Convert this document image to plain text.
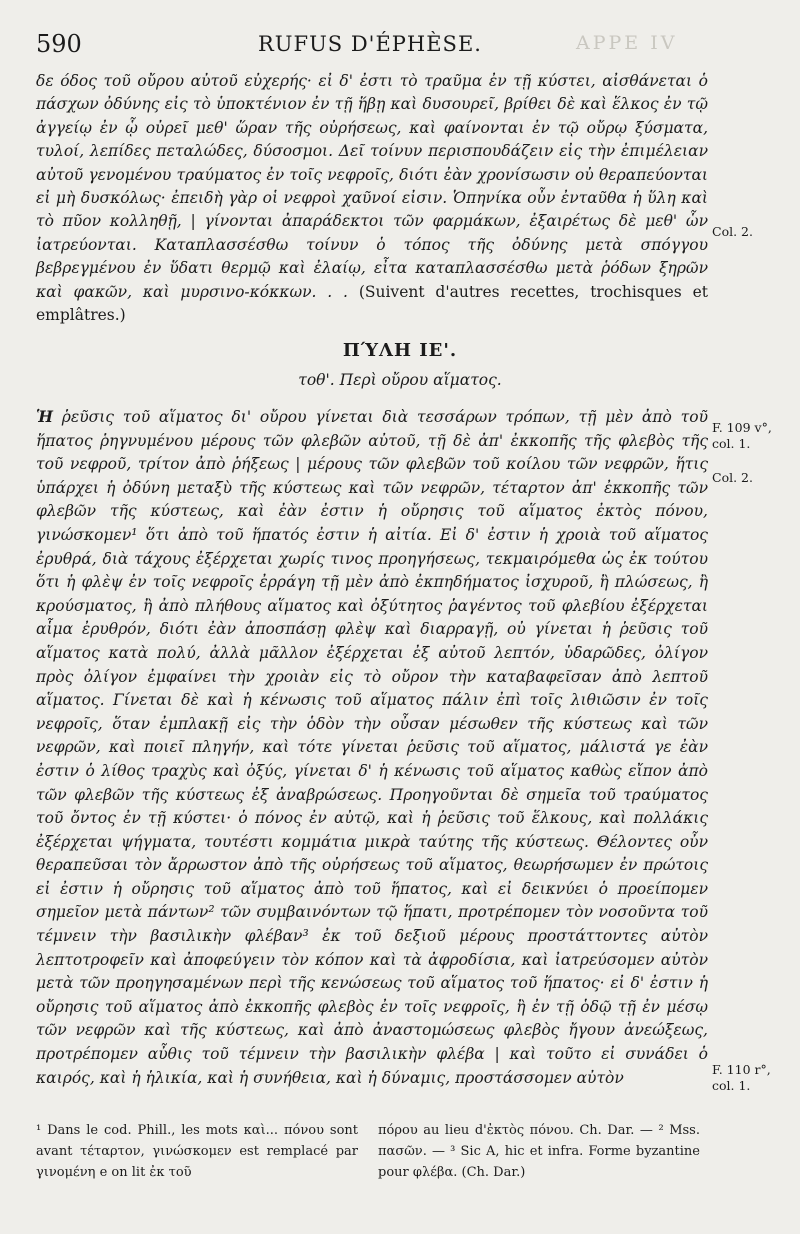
590	RUFUS D'ÉPHÈSE.	APPE IV

δε όδος τοῦ οὔρου αὐτοῦ εὐχερής· εἰ δ' ἐστι τὸ τραῦμα ἐν τῇ κύστει, αἰσθάνεται ὁ πάσχων ὀδύνης εἰς τὸ ὑποκτένιον ἐν τῇ ἥβῃ καὶ δυσουρεῖ, βρίθει δὲ καὶ ἕλκος ἐν τῷ ἀγγείῳ ἐν ᾧ οὐρεῖ μεθ' ὥραν τῆς οὐρήσεως, καὶ φαίνονται ἐν τῷ οὔρῳ ξύσματα, τυλοί, λεπίδες πεταλώδες, δύσοσμοι. Δεῖ τοίνυν περισπουδάζειν εἰς τὴν ἐπιμέλειαν αὐτοῦ γενομένου τραύματος ἐν τοῖς νεφροῖς, διότι ἐὰν χρονίσωσιν οὐ θεραπεύονται εἰ μὴ δυσκόλως· ἐπειδὴ γὰρ οἱ νεφροὶ χαῦνοί εἰσιν. Ὁπηνίκα οὖν ἐνταῦθα ἡ ὕλη καὶ τὸ πῦον κολληθῇ, | γίνονται ἀπαράδεκτοι τῶν φαρμάκων, ἐξαιρέτως δὲ μεθ' ὧν ἰατρεύονται. Καταπλασσέσθω τοίνυν ὁ τόπος τῆς ὀδύνης μετὰ σπόγγου βεβρεγμένου ἐν ὕδατι θερμῷ καὶ ἐλαίῳ, εἶτα καταπλασσέσθω μετὰ ῥόδων ξηρῶν καὶ φακῶν, καὶ μυρσινο-κόκκων. . . (Suivent d'autres recettes, trochisques et emplâtres.)

Col. 2.
ΠΎΛΗ ΙΕ'.
τοθ'. Περὶ οὔρου αἵματος.

Ἡ ῥεῦσις τοῦ αἵματος δι' οὔρου γίνεται διὰ τεσσάρων τρόπων, τῇ μὲν ἀπὸ τοῦ ἥπατος ῥηγνυμένου μέρους τῶν φλεβῶν αὐτοῦ, τῇ δὲ ἀπ' ἐκκοπῆς τῆς φλεβὸς τῆς τοῦ νεφροῦ, τρίτον ἀπὸ ῥήξεως | μέρους τῶν φλεβῶν τοῦ κοίλου τῶν νεφρῶν, ἥτις ὑπάρχει ἡ ὀδύνη μεταξὺ τῆς κύστεως καὶ τῶν νεφρῶν, τέταρτον ἀπ' ἐκκοπῆς τῶν φλεβῶν τῆς κύστεως, καὶ ἐὰν ἐστιν ἡ οὔρησις τοῦ αἵματος ἐκτὸς πόνου, γινώσκομεν¹ ὅτι ἀπὸ τοῦ ἥπατός ἐστιν ἡ αἰτία. Εἰ δ' ἐστιν ἡ χροιὰ τοῦ αἵματος ἐρυθρά, διὰ τάχους ἐξέρχεται χωρίς τινος προηγήσεως, τεκμαιρόμεθα ὡς ἐκ τούτου ὅτι ἡ φλὲψ ἐν τοῖς νεφροῖς ἐρράγη τῇ μὲν ἀπὸ ἐκπηδήματος ἰσχυροῦ, ἢ πλώσεως, ἢ κρούσματος, ἢ ἀπὸ πλήθους αἵματος καὶ ὀξύτητος ῥαγέντος τοῦ φλεβίου ἐξέρχεται αἷμα ἐρυθρόν, διότι ἐὰν ἀποσπάσῃ φλὲψ καὶ διαρραγῇ, οὐ γίνεται ἡ ῥεῦσις τοῦ αἵματος κατὰ πολύ, ἀλλὰ μᾶλλον ἐξέρχεται ἐξ αὐτοῦ λεπτόν, ὑδαρῶδες, ὀλίγον πρὸς ὀλίγον ἐμφαίνει τὴν χροιὰν εἰς τὸ οὔρον τὴν καταβαφεῖσαν ἀπὸ λεπτοῦ αἵματος. Γίνεται δὲ καὶ ἡ κένωσις τοῦ αἵματος πάλιν ἐπὶ τοῖς λιθιῶσιν ἐν τοῖς νεφροῖς, ὅταν ἐμπλακῇ εἰς τὴν ὁδὸν τὴν οὖσαν μέσωθεν τῆς κύστεως καὶ τῶν νεφρῶν, καὶ ποιεῖ πληγήν, καὶ τότε γίνεται ῥεῦσις τοῦ αἵματος, μάλιστά γε ἐὰν ἐστιν ὁ λίθος τραχὺς καὶ ὀξύς, γίνεται δ' ἡ κένωσις τοῦ αἵματος καθὼς εἴπον ἀπὸ τῶν φλεβῶν τῆς κύστεως ἐξ ἀναβρώσεως. Προηγοῦνται δὲ σημεῖα τοῦ τραύματος τοῦ ὄντος ἐν τῇ κύστει· ὁ πόνος ἐν αὐτῷ, καὶ ἡ ῥεῦσις τοῦ ἕλκους, καὶ πολλάκις ἐξέρχεται ψήγματα, τουτέστι κομμάτια μικρὰ ταύτης τῆς κύστεως. Θέλοντες οὖν θεραπεῦσαι τὸν ἄρρωστον ἀπὸ τῆς οὐρήσεως τοῦ αἵματος, θεωρήσωμεν ἐν πρώτοις εἰ ἐστιν ἡ οὔρησις τοῦ αἵματος ἀπὸ τοῦ ἥπατος, καὶ εἰ δεικνύει ὁ προείπομεν σημεῖον μετὰ πάντων² τῶν συμβαινόντων τῷ ἥπατι, προτρέπομεν τὸν νοσοῦντα τοῦ τέμνειν τὴν βασιλικὴν φλέβαν³ ἐκ τοῦ δεξιοῦ μέρους προστάττοντες αὐτὸν λεπτοτροφεῖν καὶ ἀποφεύγειν τὸν κόπον καὶ τὰ ἀφροδίσια, καὶ ἰατρεύσομεν αὐτὸν μετὰ τῶν προηγησαμένων περὶ τῆς κενώσεως τοῦ αἵματος τοῦ ἥπατος· εἰ δ' ἐστιν ἡ οὔρησις τοῦ αἵματος ἀπὸ ἐκκοπῆς φλεβὸς ἐν τοῖς νεφροῖς, ἢ ἐν τῇ ὁδῷ τῇ ἐν μέσῳ τῶν νεφρῶν καὶ τῆς κύστεως, καὶ ἀπὸ ἀναστομώσεως φλεβὸς ἤγουν ἀνεώξεως, προτρέπομεν αὖθις τοῦ τέμνειν τὴν βασιλικὴν φλέβα | καὶ τοῦτο εἰ συνάδει ὁ καιρός, καὶ ἡ ἡλικία, καὶ ἡ συνήθεια, καὶ ἡ δύναμις, προστάσσομεν αὐτὸν

F. 109 v°, col. 1.
Col. 2.
F. 110 r°, col. 1.
¹ Dans le cod. Phill., les mots καὶ... πόνου sont avant τέταρτον, γινώσκομεν est remplacé par γινομένη e on lit ἐκ τοῦ
πόρου au lieu d'ἐκτὸς πόνου. Ch. Dar. — ² Mss. πασῶν. — ³ Sic A, hic et infra. Forme byzantine pour φλέβα. (Ch. Dar.)
